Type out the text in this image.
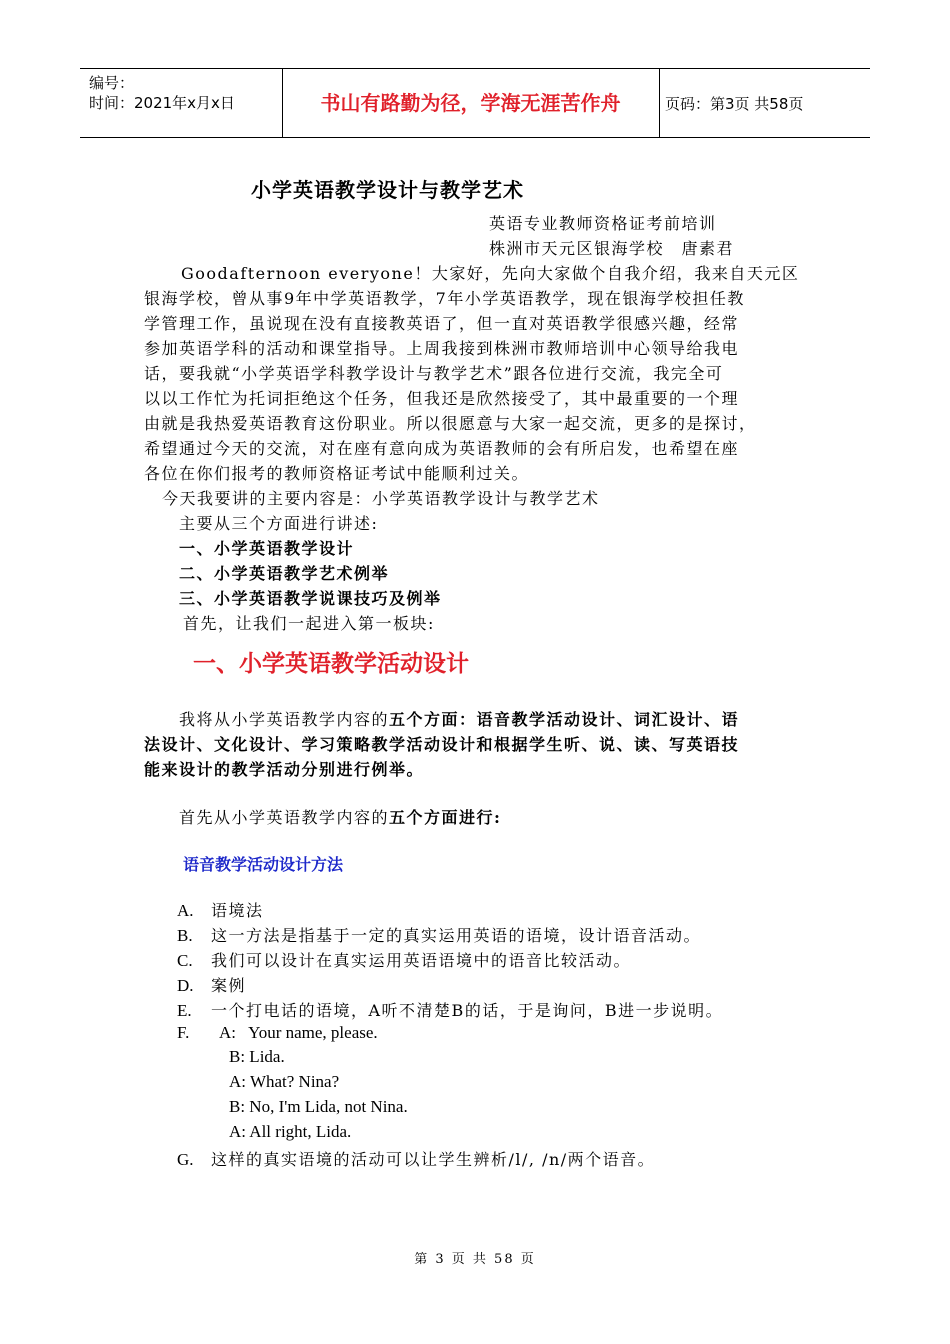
编号：
时间：2021年x月x日	书山有路勤为径，学海无涯苦作舟	页码：第3页 共58页
小学英语教学设计与教学艺术
英语专业教师资格证考前培训
株洲市天元区银海学校　唐素君
Goodafternoon everyone！大家好，先向大家做个自我介绍，我来自天元区
银海学校，曾从事9年中学英语教学，7年小学英语教学，现在银海学校担任教
学管理工作，虽说现在没有直接教英语了，但一直对英语教学很感兴趣，经常
参加英语学科的活动和课堂指导。上周我接到株洲市教师培训中心领导给我电
话，要我就“小学英语学科教学设计与教学艺术”跟各位进行交流，我完全可
以以工作忙为托词拒绝这个任务，但我还是欣然接受了，其中最重要的一个理
由就是我热爱英语教育这份职业。所以很愿意与大家一起交流，更多的是探讨，
希望通过今天的交流，对在座有意向成为英语教师的会有所启发，也希望在座
各位在你们报考的教师资格证考试中能顺利过关。
今天我要讲的主要内容是：小学英语教学设计与教学艺术
主要从三个方面进行讲述:
一、小学英语教学设计
二、小学英语教学艺术例举
三、小学英语教学说课技巧及例举
首先，让我们一起进入第一板块:
一、小学英语教学活动设计
我将从小学英语教学内容的五个方面：语音教学活动设计、词汇设计、语
法设计、文化设计、学习策略教学活动设计和根据学生听、说、读、写英语技
能来设计的教学活动分别进行例举。
首先从小学英语教学内容的五个方面进行:
语音教学活动设计方法
A. 语境法
B. 这一方法是指基于一定的真实运用英语的语境，设计语音活动。
C. 我们可以设计在真实运用英语语境中的语音比较活动。
D. 案例
E. 一个打电话的语境，A听不清楚B的话，于是询问，B进一步说明。
F. A:   Your name, please.
B: Lida.
A: What? Nina?
B: No, I'm Lida, not Nina.
A: All right, Lida.
G. 这样的真实语境的活动可以让学生辨析/l/, /n/两个语音。
第 3 页 共 58 页
